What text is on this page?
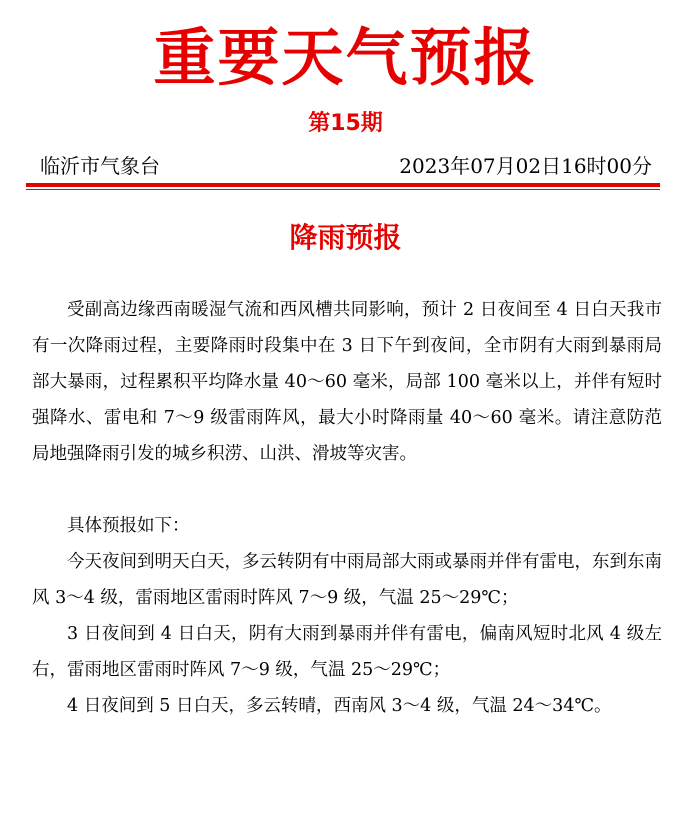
重要天气预报
第15期
临沂市气象台	2023年07月02日16时00分
降雨预报

受副高边缘西南暖湿气流和西风槽共同影响，预计 2 日夜间至 4 日白天我市有一次降雨过程，主要降雨时段集中在 3 日下午到夜间，全市阴有大雨到暴雨局部大暴雨，过程累积平均降水量 40～60 毫米，局部 100 毫米以上，并伴有短时强降水、雷电和 7～9 级雷雨阵风，最大小时降雨量 40～60 毫米。请注意防范局地强降雨引发的城乡积涝、山洪、滑坡等灾害。

具体预报如下：

今天夜间到明天白天，多云转阴有中雨局部大雨或暴雨并伴有雷电，东到东南风 3～4 级，雷雨地区雷雨时阵风 7～9 级，气温 25～29℃；

3 日夜间到 4 日白天，阴有大雨到暴雨并伴有雷电，偏南风短时北风 4 级左右，雷雨地区雷雨时阵风 7～9 级，气温 25～29℃；

4 日夜间到 5 日白天，多云转晴，西南风 3～4 级，气温 24～34℃。
